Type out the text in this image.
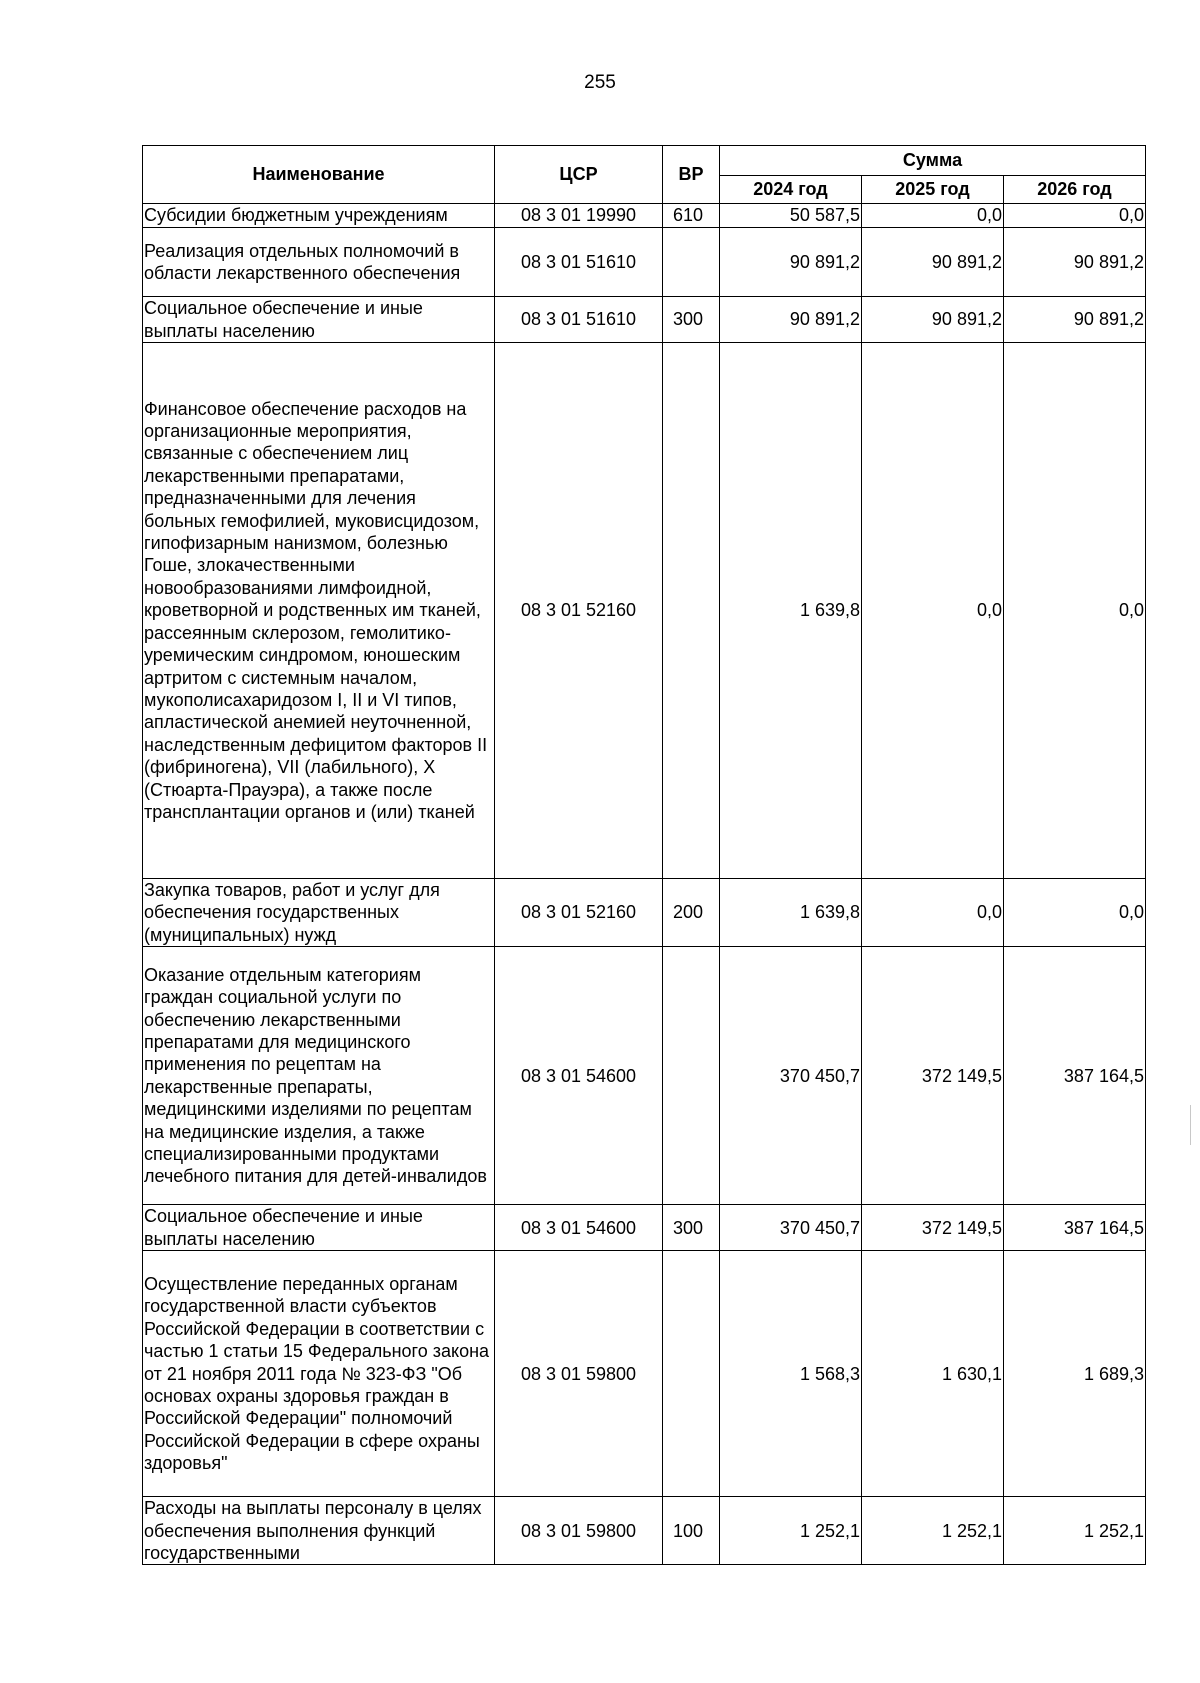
255
Наименование	ЦСР	ВР	Сумма		
			2024 год	2025 год	2026 год
Субсидии бюджетным учреждениям	08 3 01 19990	610	50 587,5	0,0	0,0
Реализация отдельных полномочий в области лекарственного обеспечения	08 3 01 51610		90 891,2	90 891,2	90 891,2
Социальное обеспечение и иные выплаты населению	08 3 01 51610	300	90 891,2	90 891,2	90 891,2
Финансовое обеспечение расходов на организационные мероприятия, связанные с обеспечением лиц лекарственными препаратами, предназначенными для лечения больных гемофилией, муковисцидозом, гипофизарным нанизмом, болезнью Гоше, злокачественными новообразованиями лимфоидной, кроветворной и родственных им тканей, рассеянным склерозом, гемолитико-уремическим синдромом, юношеским артритом с системным началом, мукополисахаридозом I, II и VI типов, апластической анемией неуточненной, наследственным дефицитом факторов II (фибриногена), VII (лабильного), X (Стюарта-Прауэра), а также после трансплантации органов и (или) тканей	08 3 01 52160		1 639,8	0,0	0,0
Закупка товаров, работ и услуг для обеспечения государственных (муниципальных) нужд	08 3 01 52160	200	1 639,8	0,0	0,0
Оказание отдельным категориям граждан социальной услуги по обеспечению лекарственными препаратами для медицинского применения по рецептам на лекарственные препараты, медицинскими изделиями по рецептам на медицинские изделия, а также специализированными продуктами лечебного питания для детей-инвалидов	08 3 01 54600		370 450,7	372 149,5	387 164,5
Социальное обеспечение и иные выплаты населению	08 3 01 54600	300	370 450,7	372 149,5	387 164,5
Осуществление переданных органам государственной власти субъектов Российской Федерации в соответствии с частью 1 статьи 15 Федерального закона от 21 ноября 2011 года № 323-ФЗ "Об основах охраны здоровья граждан в Российской Федерации" полномочий Российской Федерации в сфере охраны здоровья"	08 3 01 59800		1 568,3	1 630,1	1 689,3
Расходы на выплаты персоналу в целях обеспечения выполнения функций государственными	08 3 01 59800	100	1 252,1	1 252,1	1 252,1
